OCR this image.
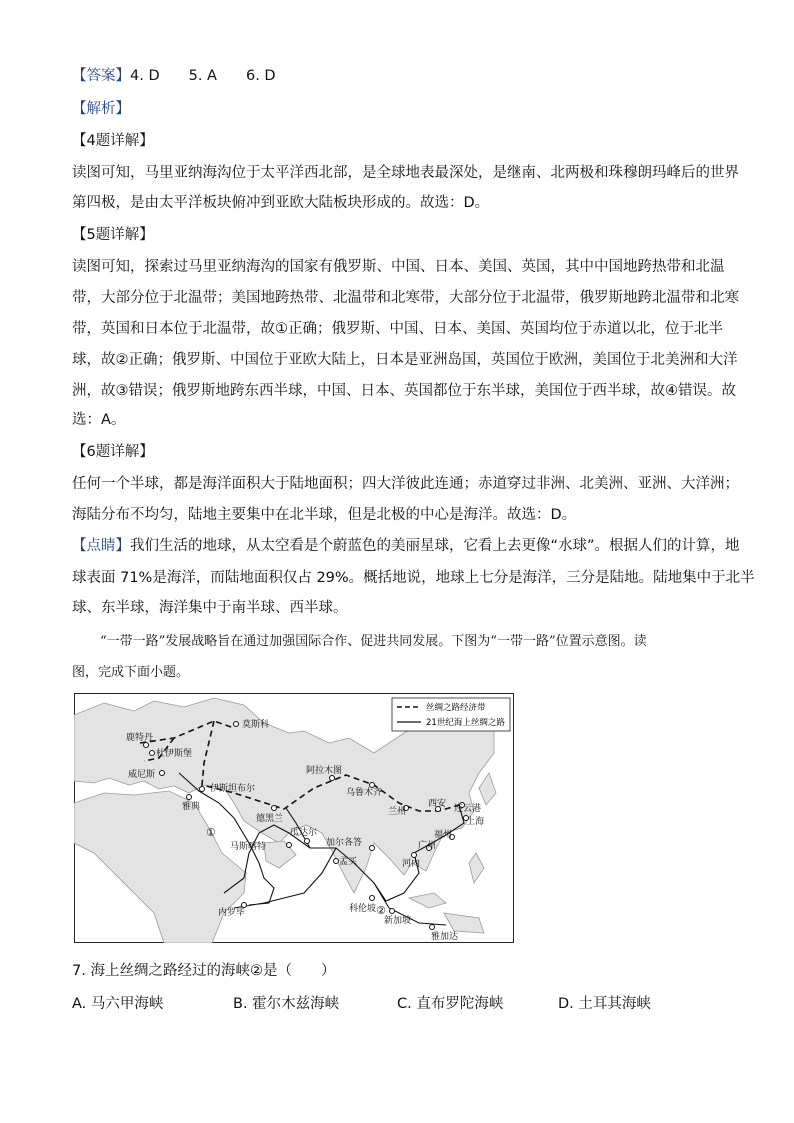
【答案】4. D　　5. A　　6. D
【解析】
【4题详解】
读图可知，马里亚纳海沟位于太平洋西北部，是全球地表最深处，是继南、北两极和珠穆朗玛峰后的世界
第四极，是由太平洋板块俯冲到亚欧大陆板块形成的。故选：D。
【5题详解】
读图可知，探索过马里亚纳海沟的国家有俄罗斯、中国、日本、美国、英国，其中中国地跨热带和北温
带，大部分位于北温带；美国地跨热带、北温带和北寒带，大部分位于北温带，俄罗斯地跨北温带和北寒
带，英国和日本位于北温带，故①正确；俄罗斯、中国、日本、美国、英国均位于赤道以北，位于北半
球，故②正确；俄罗斯、中国位于亚欧大陆上，日本是亚洲岛国，英国位于欧洲，美国位于北美洲和大洋
洲，故③错误；俄罗斯地跨东西半球，中国、日本、英国都位于东半球，美国位于西半球，故④错误。故
选：A。
【6题详解】
任何一个半球，都是海洋面积大于陆地面积；四大洋彼此连通；赤道穿过非洲、北美洲、亚洲、大洋洲；
海陆分布不均匀，陆地主要集中在北半球，但是北极的中心是海洋。故选：D。
【点睛】我们生活的地球，从太空看是个蔚蓝色的美丽星球，它看上去更像“水球”。根据人们的计算，地
球表面 71%是海洋，而陆地面积仅占 29%。概括地说，地球上七分是海洋，三分是陆地。陆地集中于北半
球、东半球，海洋集中于南半球、西半球。
“一带一路”发展战略旨在通过加强国际合作、促进共同发展。下图为“一带一路”位置示意图。读
图，完成下面小题。
丝绸之路经济带
21世纪海上丝绸之路
莫斯科
鹿特丹
杜伊斯堡
威尼斯
伊斯坦布尔
雅典
德黑兰
阿拉木图
乌鲁木齐
兰州
西安 连云港
上海
福州
广州
河内
瓜达尔
加尔各答
马斯喀特
孟买
科伦坡
新加坡
雅加达
内罗毕
①
②
7. 海上丝绸之路经过的海峡②是（　　）
A. 马六甲海峡	B. 霍尔木兹海峡	C. 直布罗陀海峡	D. 土耳其海峡
